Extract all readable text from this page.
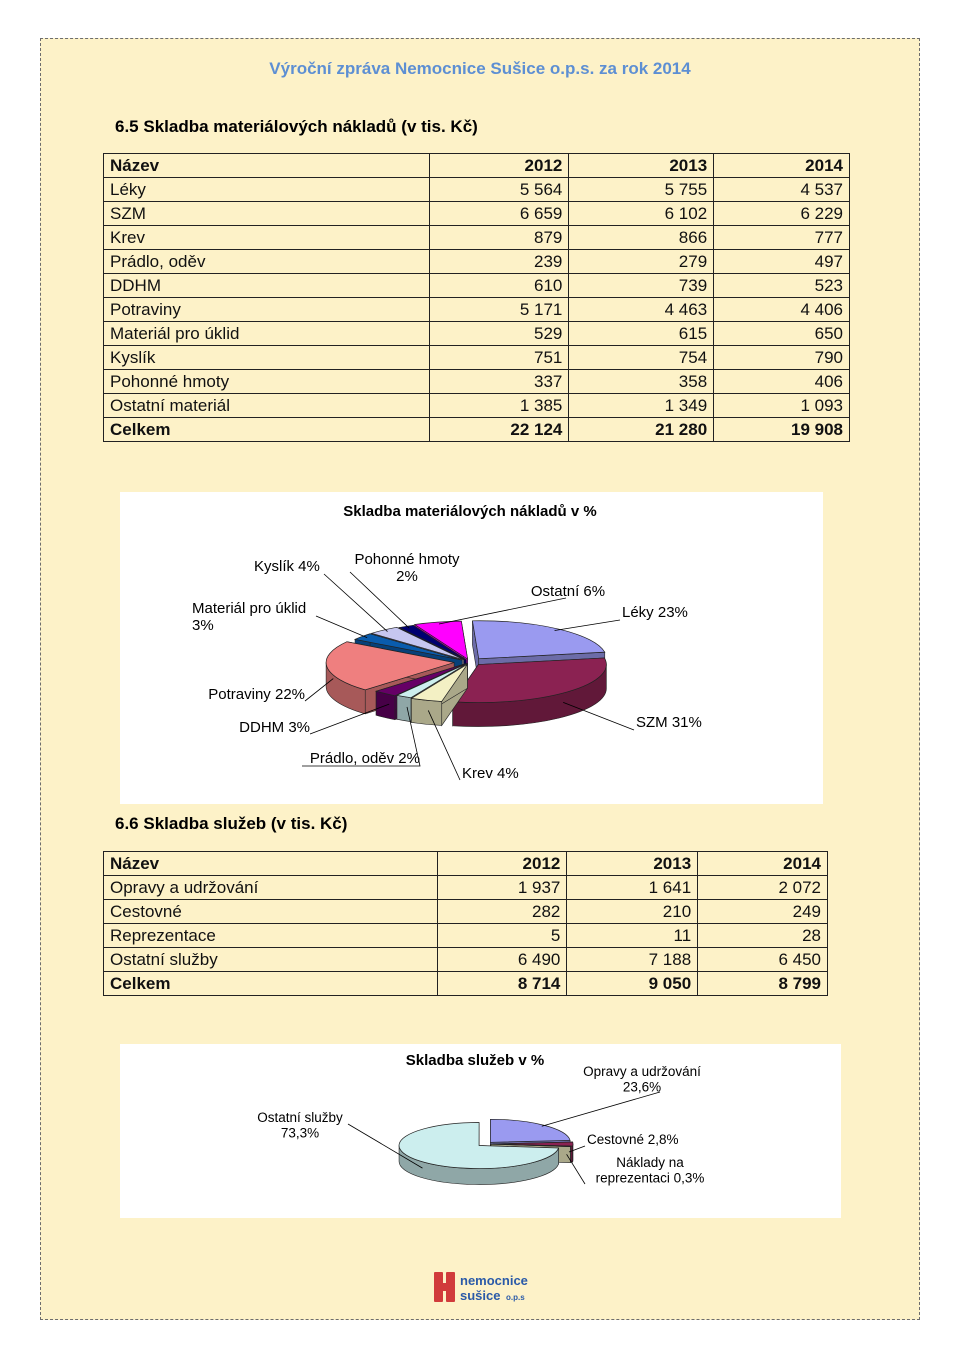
Výroční zpráva Nemocnice Sušice o.p.s. za rok 2014
6.5 Skladba materiálových nákladů (v tis. Kč)
Název	2012	2013	2014
Léky	5 564	5 755	4 537
SZM	6 659	6 102	6 229
Krev	879	866	777
Prádlo, oděv	239	279	497
DDHM	610	739	523
Potraviny	5 171	4 463	4 406
Materiál pro úklid	529	615	650
Kyslík	751	754	790
Pohonné hmoty	337	358	406
Ostatní materiál	1 385	1 349	1 093
Celkem	22 124	21 280	19 908
Léky 23%
SZM 31%
Krev 4%
Prádlo, oděv 2%
DDHM 3%
Potraviny 22%
Materiál pro úklid 3%
Kyslík 4% Pohonné hmoty 2%
Ostatní 6%
Skladba materiálových nákladů v %
6.6 Skladba služeb (v tis. Kč)
Název	2012	2013	2014
Opravy a udržování	1 937	1 641	2 072
Cestovné	282	210	249
Reprezentace	5	11	28
Ostatní služby	6 490	7 188	6 450
Celkem	8 714	9 050	8 799
Opravy a udržování 23,6%
Cestovné 2,8%
Náklady na reprezentaci 0,3%
Ostatní služby 73,3%
Skladba služeb v %
nemocnice
sušice o.p.s
